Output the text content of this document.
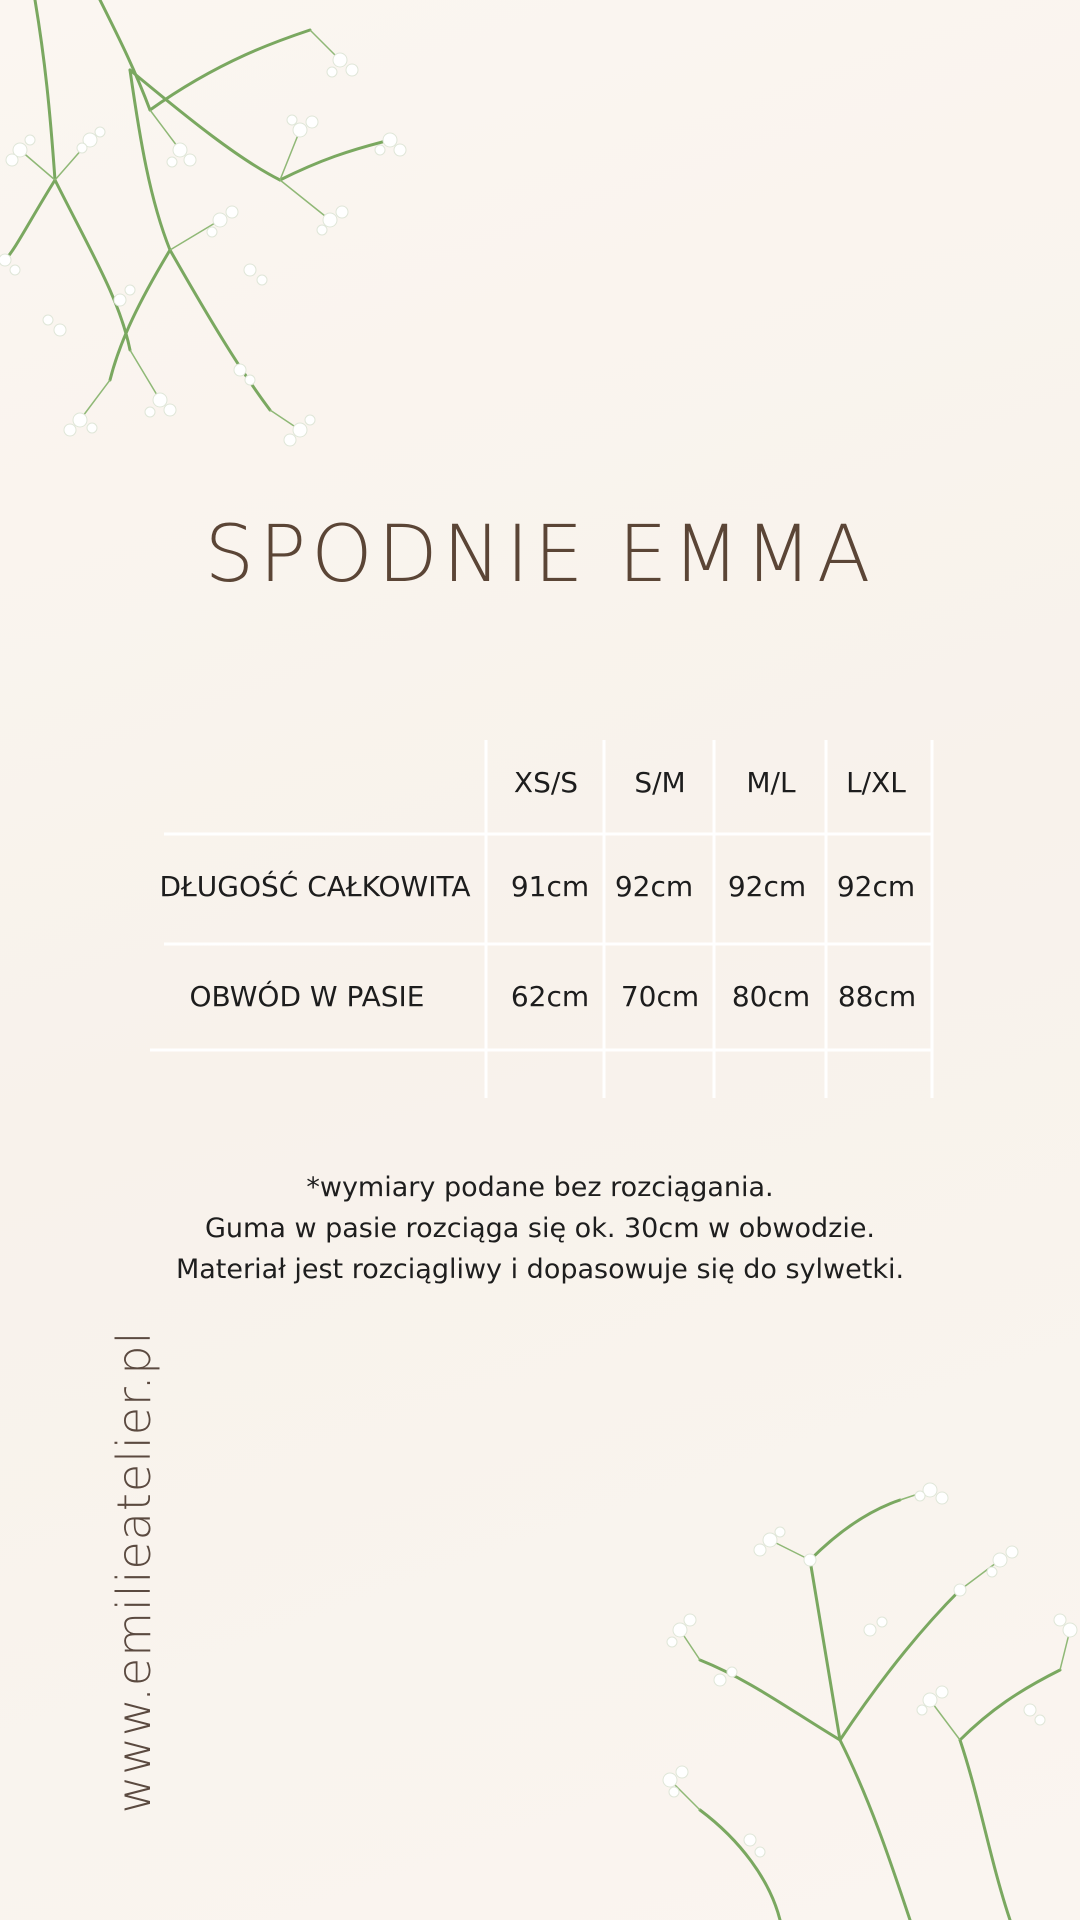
SPODNIE EMMA
XS/S	S/M	M/L	L/XL
DŁUGOŚĆ CAŁKOWITA	91cm 92cm	92cm	92cm
OBWÓD W PASIE	62cm	70cm	80cm 88cm
*wymiary podane bez rozciągania.
Guma w pasie rozciąga się ok. 30cm w obwodzie.
Materiał jest rozciągliwy i dopasowuje się do sylwetki.
www.emilieatelier.pl
